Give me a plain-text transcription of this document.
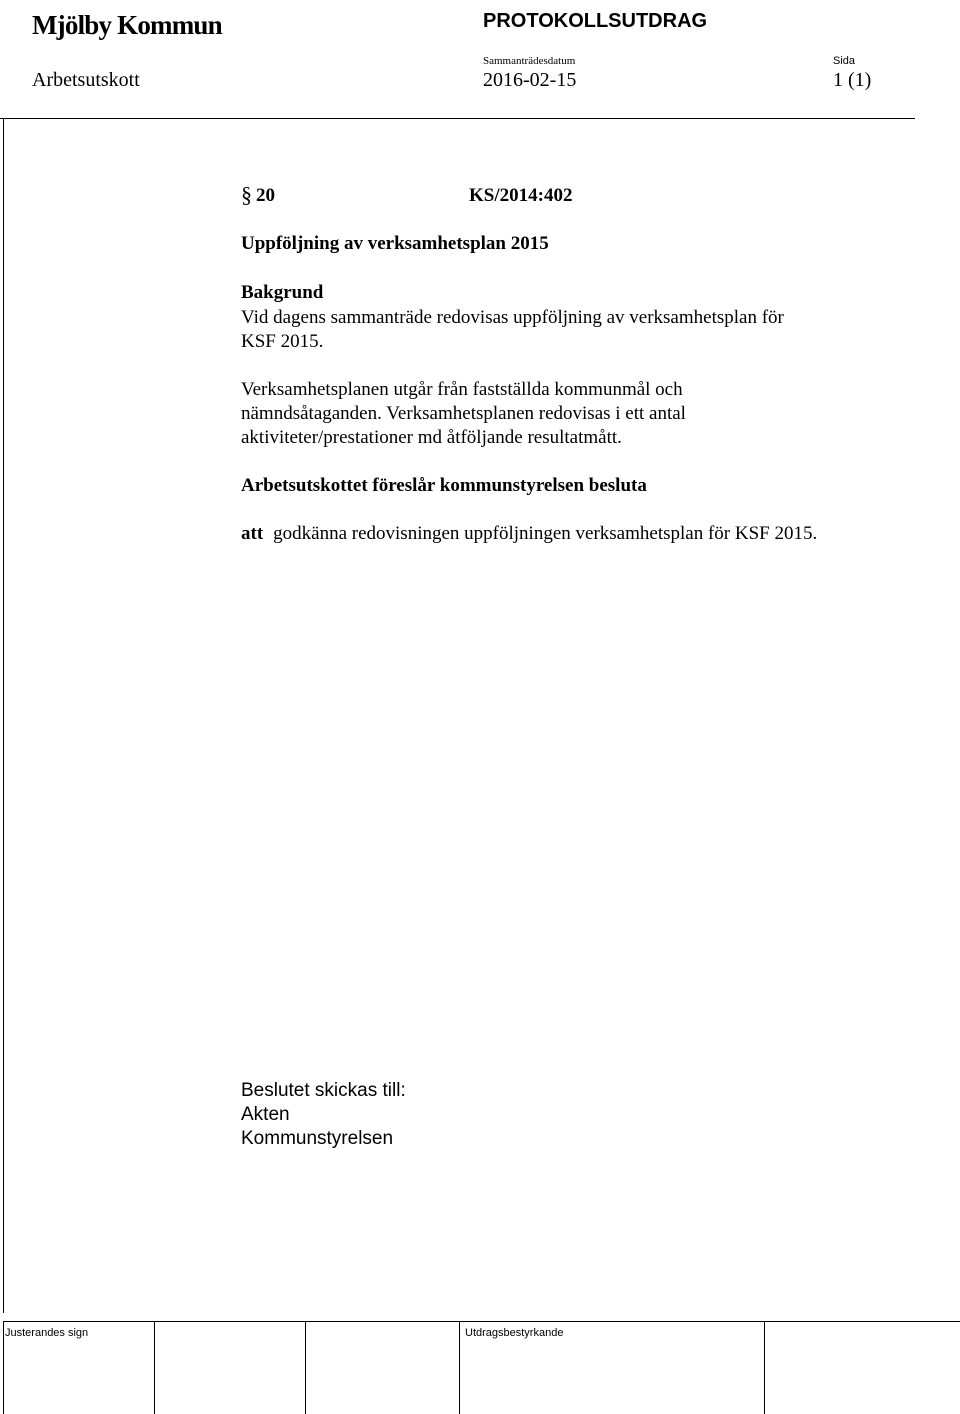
Mjölby Kommun	PROTOKOLLSUTDRAG
Sammanträdesdatum	Sida
Arbetsutskott	2016-02-15	1 (1)
§ 20	KS/2014:402
Uppföljning av verksamhetsplan 2015
Bakgrund
Vid dagens sammanträde redovisas uppföljning av verksamhetsplan för
KSF 2015.
Verksamhetsplanen utgår från fastställda kommunmål och
nämndsåtaganden. Verksamhetsplanen redovisas i ett antal
aktiviteter/prestationer md åtföljande resultatmått.
Arbetsutskottet föreslår kommunstyrelsen besluta
att godkänna redovisningen uppföljningen verksamhetsplan för KSF 2015.
Beslutet skickas till:
Akten
Kommunstyrelsen
Justerandes sign	Utdragsbestyrkande
